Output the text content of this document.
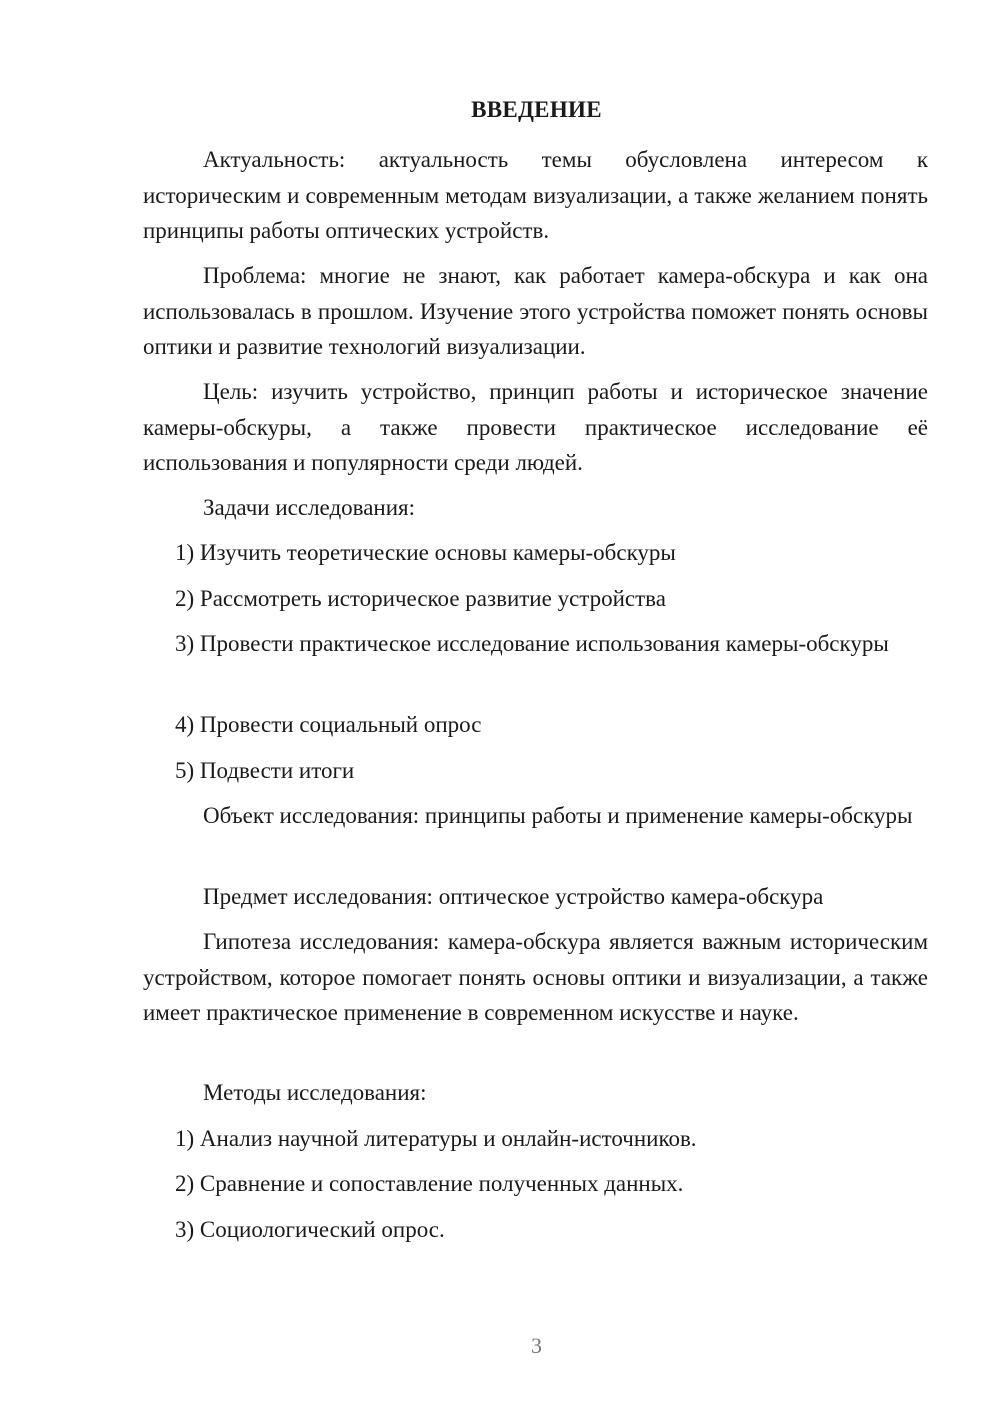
ВВЕДЕНИЕ
Актуальность: актуальность темы обусловлена интересом к историческим и современным методам визуализации, а также желанием понять принципы работы оптических устройств.
Проблема: многие не знают, как работает камера-обскура и как она использовалась в прошлом. Изучение этого устройства поможет понять основы оптики и развитие технологий визуализации.
Цель: изучить устройство, принцип работы и историческое значение камеры-обскуры, а также провести практическое исследование её использования и популярности среди людей.
Задачи исследования:
1) Изучить теоретические основы камеры-обскуры
2) Рассмотреть историческое развитие устройства
3) Провести практическое исследование использования камеры-обскуры
4) Провести социальный опрос
5) Подвести итоги
Объект исследования: принципы работы и применение камеры-обскуры
Предмет исследования: оптическое устройство камера-обскура
Гипотеза исследования: камера-обскура является важным историческим устройством, которое помогает понять основы оптики и визуализации, а также имеет практическое применение в современном искусстве и науке.
Методы исследования:
1) Анализ научной литературы и онлайн-источников.
2) Сравнение и сопоставление полученных данных.
3) Социологический опрос.
3
